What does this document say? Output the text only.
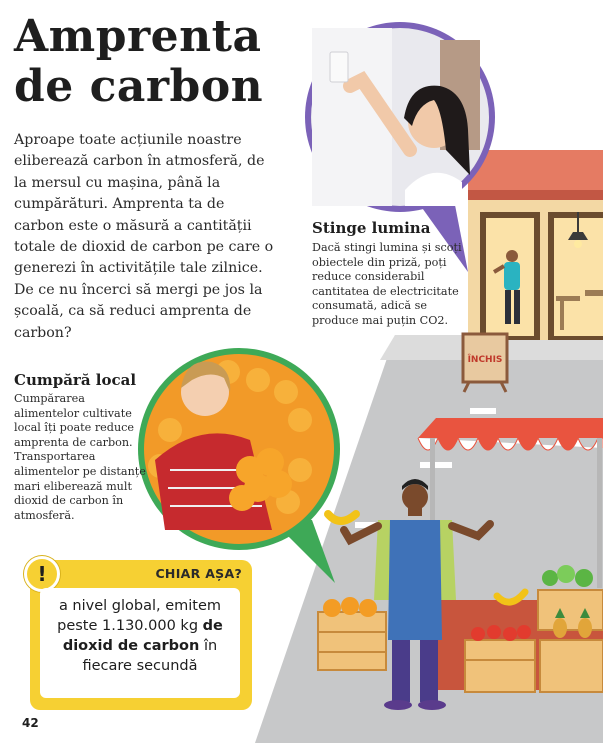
ÎNCHIS
Amprenta
de carbon

Aproape toate acțiunile noastre eliberează carbon în atmosferă, de la mersul cu mașina, până la cumpărături. Amprenta ta de carbon este o măsură a cantității totale de dioxid de carbon pe care o generezi în activitățile tale zilnice. De ce nu încerci să mergi pe jos la școală, ca să reduci amprenta de carbon?

Stinge lumina

Dacă stingi lumina și scoți obiectele din priză, poți reduce considerabil cantitatea de electricitate consumată, adică se produce mai puțin CO2.

Cumpără local

Cumpărarea alimentelor cultivate local îți poate reduce amprenta de carbon. Transportarea alimentelor pe distanțe mari eliberează mult dioxid de carbon în atmosferă.

!	CHIAR AȘA?

a nivel global, emitem peste 1.130.000 kg de dioxid de carbon în fiecare secundă

42
